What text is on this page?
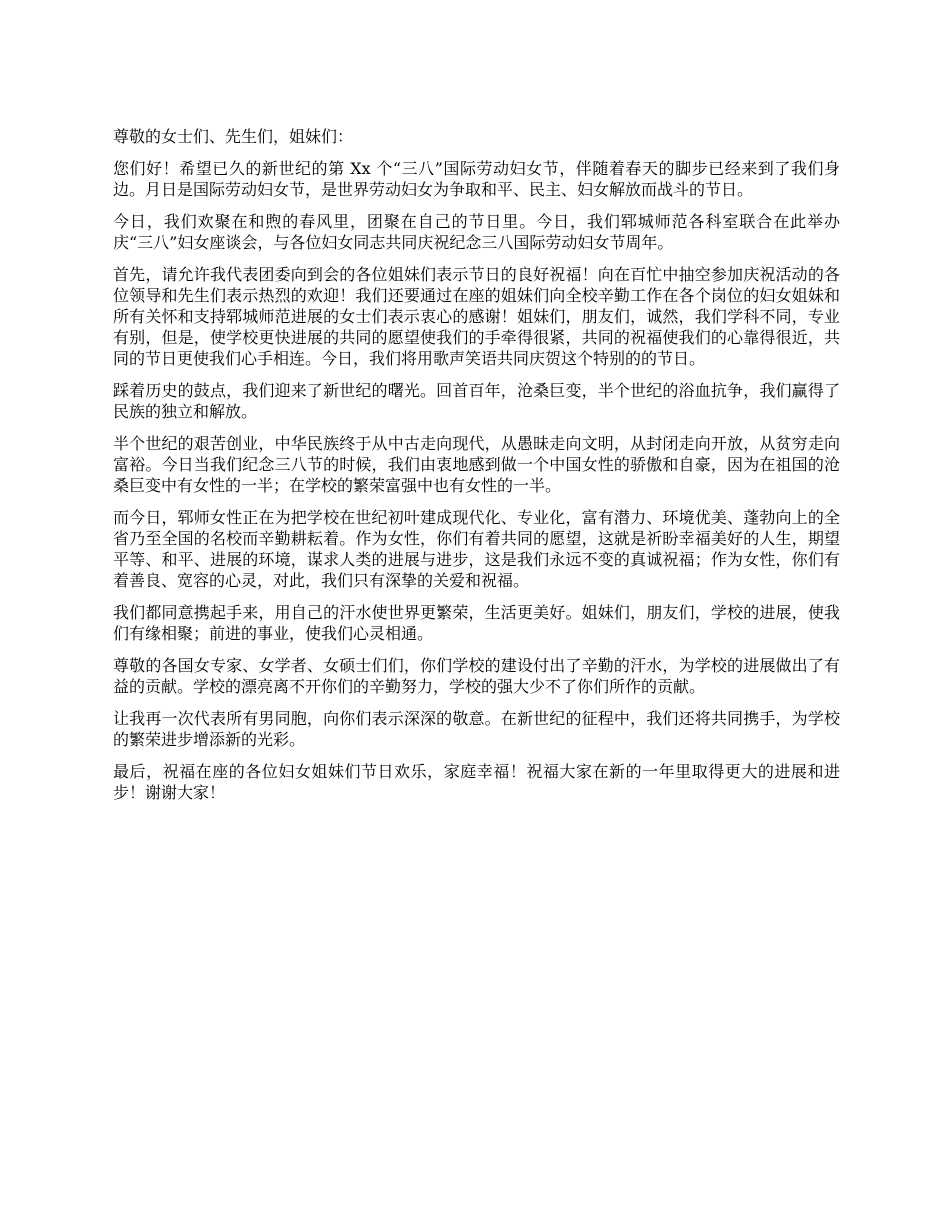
尊敬的女士们、先生们，姐妹们：

您们好！希望已久的新世纪的第 Xx 个“三八”国际劳动妇女节，伴随着春天的脚步已经来到了我们身边。月日是国际劳动妇女节，是世界劳动妇女为争取和平、民主、妇女解放而战斗的节日。

今日，我们欢聚在和煦的春风里，团聚在自己的节日里。今日，我们郓城师范各科室联合在此举办庆“三八”妇女座谈会，与各位妇女同志共同庆祝纪念三八国际劳动妇女节周年。

首先，请允许我代表团委向到会的各位姐妹们表示节日的良好祝福！向在百忙中抽空参加庆祝活动的各位领导和先生们表示热烈的欢迎！我们还要通过在座的姐妹们向全校辛勤工作在各个岗位的妇女姐妹和所有关怀和支持郓城师范进展的女士们表示衷心的感谢！姐妹们，朋友们，诚然，我们学科不同，专业有别，但是，使学校更快进展的共同的愿望使我们的手牵得很紧，共同的祝福使我们的心靠得很近，共同的节日更使我们心手相连。今日，我们将用歌声笑语共同庆贺这个特别的的节日。

踩着历史的鼓点，我们迎来了新世纪的曙光。回首百年，沧桑巨变，半个世纪的浴血抗争，我们赢得了民族的独立和解放。

半个世纪的艰苦创业，中华民族终于从中古走向现代，从愚昧走向文明，从封闭走向开放，从贫穷走向富裕。今日当我们纪念三八节的时候，我们由衷地感到做一个中国女性的骄傲和自豪，因为在祖国的沧桑巨变中有女性的一半；在学校的繁荣富强中也有女性的一半。

而今日，郓师女性正在为把学校在世纪初叶建成现代化、专业化，富有潜力、环境优美、蓬勃向上的全省乃至全国的名校而辛勤耕耘着。作为女性，你们有着共同的愿望，这就是祈盼幸福美好的人生，期望平等、和平、进展的环境，谋求人类的进展与进步，这是我们永远不变的真诚祝福；作为女性，你们有着善良、宽容的心灵，对此，我们只有深挚的关爱和祝福。

我们都同意携起手来，用自己的汗水使世界更繁荣，生活更美好。姐妹们，朋友们，学校的进展，使我们有缘相聚；前进的事业，使我们心灵相通。

尊敬的各国女专家、女学者、女硕士们们，你们学校的建设付出了辛勤的汗水，为学校的进展做出了有益的贡献。学校的漂亮离不开你们的辛勤努力，学校的强大少不了你们所作的贡献。

让我再一次代表所有男同胞，向你们表示深深的敬意。在新世纪的征程中，我们还将共同携手，为学校的繁荣进步增添新的光彩。

最后，祝福在座的各位妇女姐妹们节日欢乐，家庭幸福！祝福大家在新的一年里取得更大的进展和进步！谢谢大家！
